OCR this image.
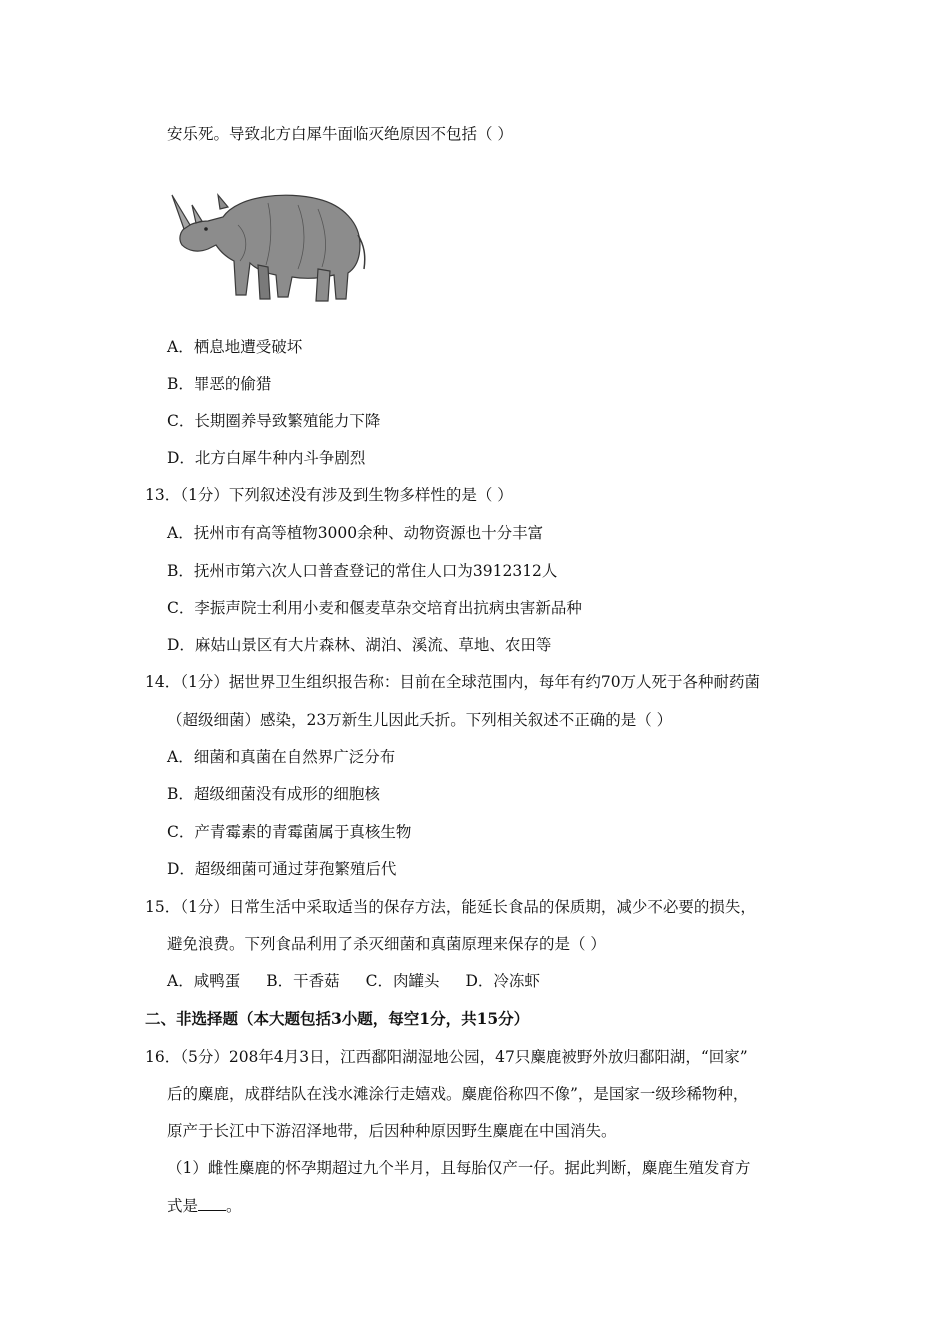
安乐死。导致北方白犀牛面临灭绝原因不包括（ ）
A．栖息地遭受破坏
B．罪恶的偷猎
C．长期圈养导致繁殖能力下降
D．北方白犀牛种内斗争剧烈
13．（1分）下列叙述没有涉及到生物多样性的是（ ）
A．抚州市有高等植物3000余种、动物资源也十分丰富
B．抚州市第六次人口普查登记的常住人口为3912312人
C．李振声院士利用小麦和偃麦草杂交培育出抗病虫害新品种
D．麻姑山景区有大片森林、湖泊、溪流、草地、农田等
14．（1分）据世界卫生组织报告称：目前在全球范围内，每年有约70万人死于各种耐药菌
（超级细菌）感染，23万新生儿因此夭折。下列相关叙述不正确的是（ ）
A．细菌和真菌在自然界广泛分布
B．超级细菌没有成形的细胞核
C．产青霉素的青霉菌属于真核生物
D．超级细菌可通过芽孢繁殖后代
15．（1分）日常生活中采取适当的保存方法，能延长食品的保质期，减少不必要的损失，
避免浪费。下列食品利用了杀灭细菌和真菌原理来保存的是（ ）
A．咸鸭蛋 B．干香菇 C．肉罐头 D．冷冻虾
二、非选择题（本大题包括3小题，每空1分，共15分）
16．（5分）208年4月3日，江西鄱阳湖湿地公园，47只麋鹿被野外放归鄱阳湖，“回家”
后的麋鹿，成群结队在浅水滩涂行走嬉戏。麋鹿俗称四不像”，是国家一级珍稀物种，
原产于长江中下游沼泽地带，后因种种原因野生麋鹿在中国消失。
（1）雌性麋鹿的怀孕期超过九个半月，且每胎仅产一仔。据此判断，麋鹿生殖发育方
式是 。
